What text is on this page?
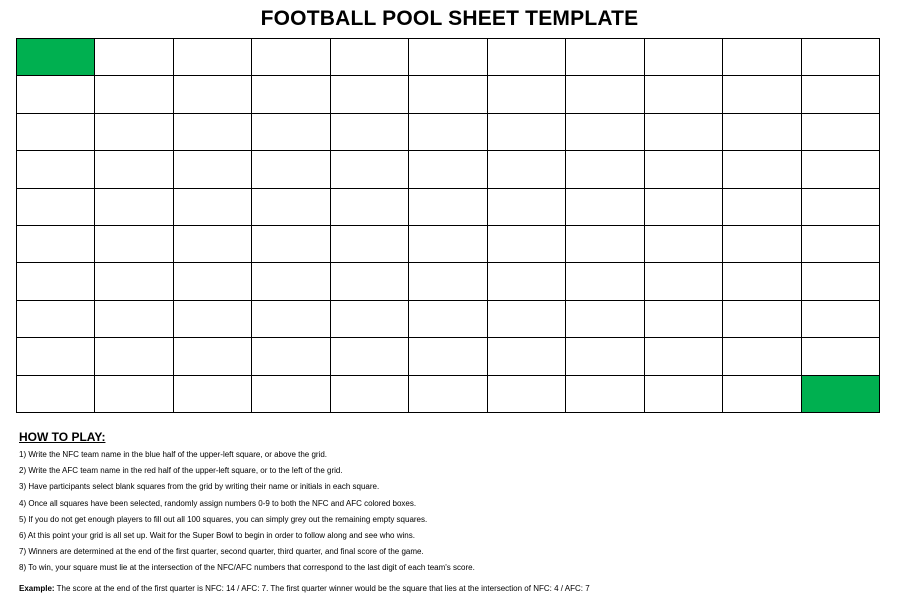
FOOTBALL POOL SHEET TEMPLATE
HOW TO PLAY:
1) Write the NFC team name in the blue half of the upper-left square, or above the grid.
2) Write the AFC team name in the red half of the upper-left square, or to the left of the grid.
3) Have participants select blank squares from the grid by writing their name or initials in each square.
4) Once all squares have been selected, randomly assign numbers 0-9 to both the NFC and AFC colored boxes.
5) If you do not get enough players to fill out all 100 squares, you can simply grey out the remaining empty squares.
6) At this point your grid is all set up. Wait for the Super Bowl to begin in order to follow along and see who wins.
7) Winners are determined at the end of the first quarter, second quarter, third quarter, and final score of the game.
8) To win, your square must lie at the intersection of the NFC/AFC numbers that correspond to the last digit of each team's score.
Example: The score at the end of the first quarter is NFC: 14 / AFC: 7. The first quarter winner would be the square that lies at the intersection of NFC: 4 / AFC: 7
